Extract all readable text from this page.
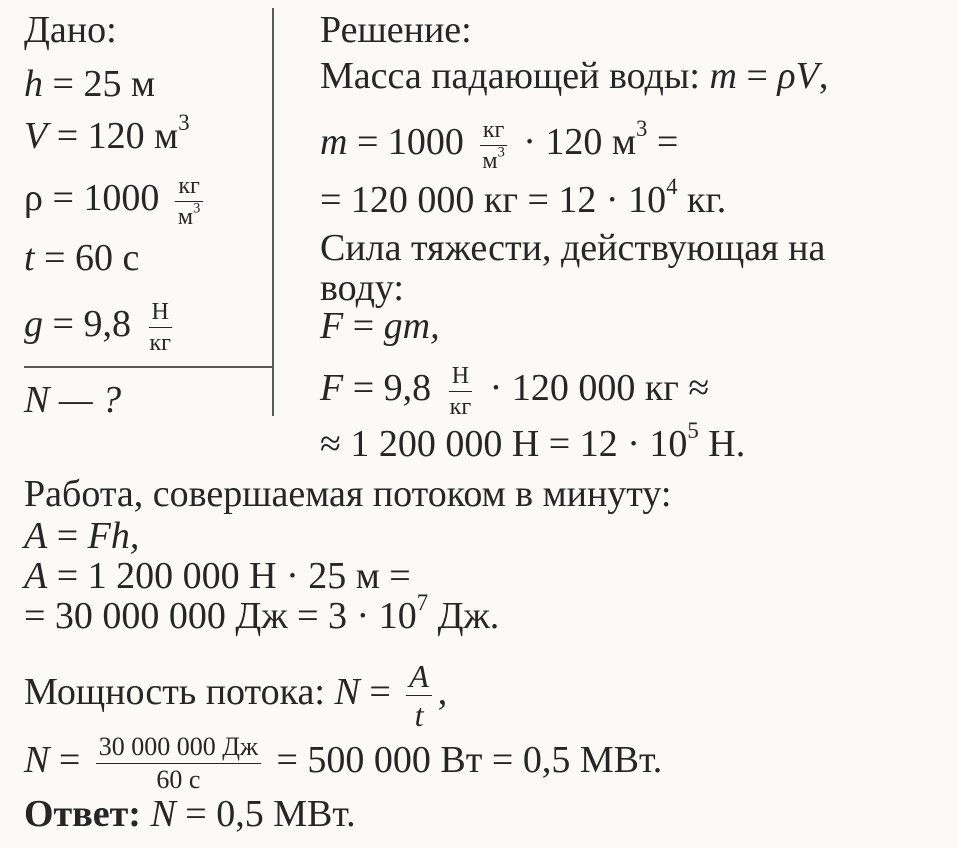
Дано:
h = 25 м
V = 120 $м^3$
$\rho = 1000 \frac{кг}{м^3}$
t = 60 с
$g = 9,8 \frac{Н}{кг}$
N — ?
Решение:
Масса падающей воды: m = ρV,
$m = 1000 \frac{кг}{м^3} \cdot 120$ $м^3$ =
= 120 000 кг = $12 \cdot 10^4$ кг.
Сила тяжести, действующая на
воду:
F = gm,
$F = 9,8 \frac{Н}{кг} \cdot 120$ 000 кг ≈
≈ 1 200 000 $Н = 12 \cdot 10^5$ Н.
Работа, совершаемая потоком в минуту:
A = Fh,
A = 1 200 000 Н · 25 м =
= 30 000 000 Дж = $3 \cdot 10^7$ Дж.
Мощность потока: $N = \frac{A}{t}$ ,
$N = \frac{30 000 000 Дж}{60 с} = 500$ 000 Вт = 0,5 МВт.
Ответ: N = 0,5 МВт.
